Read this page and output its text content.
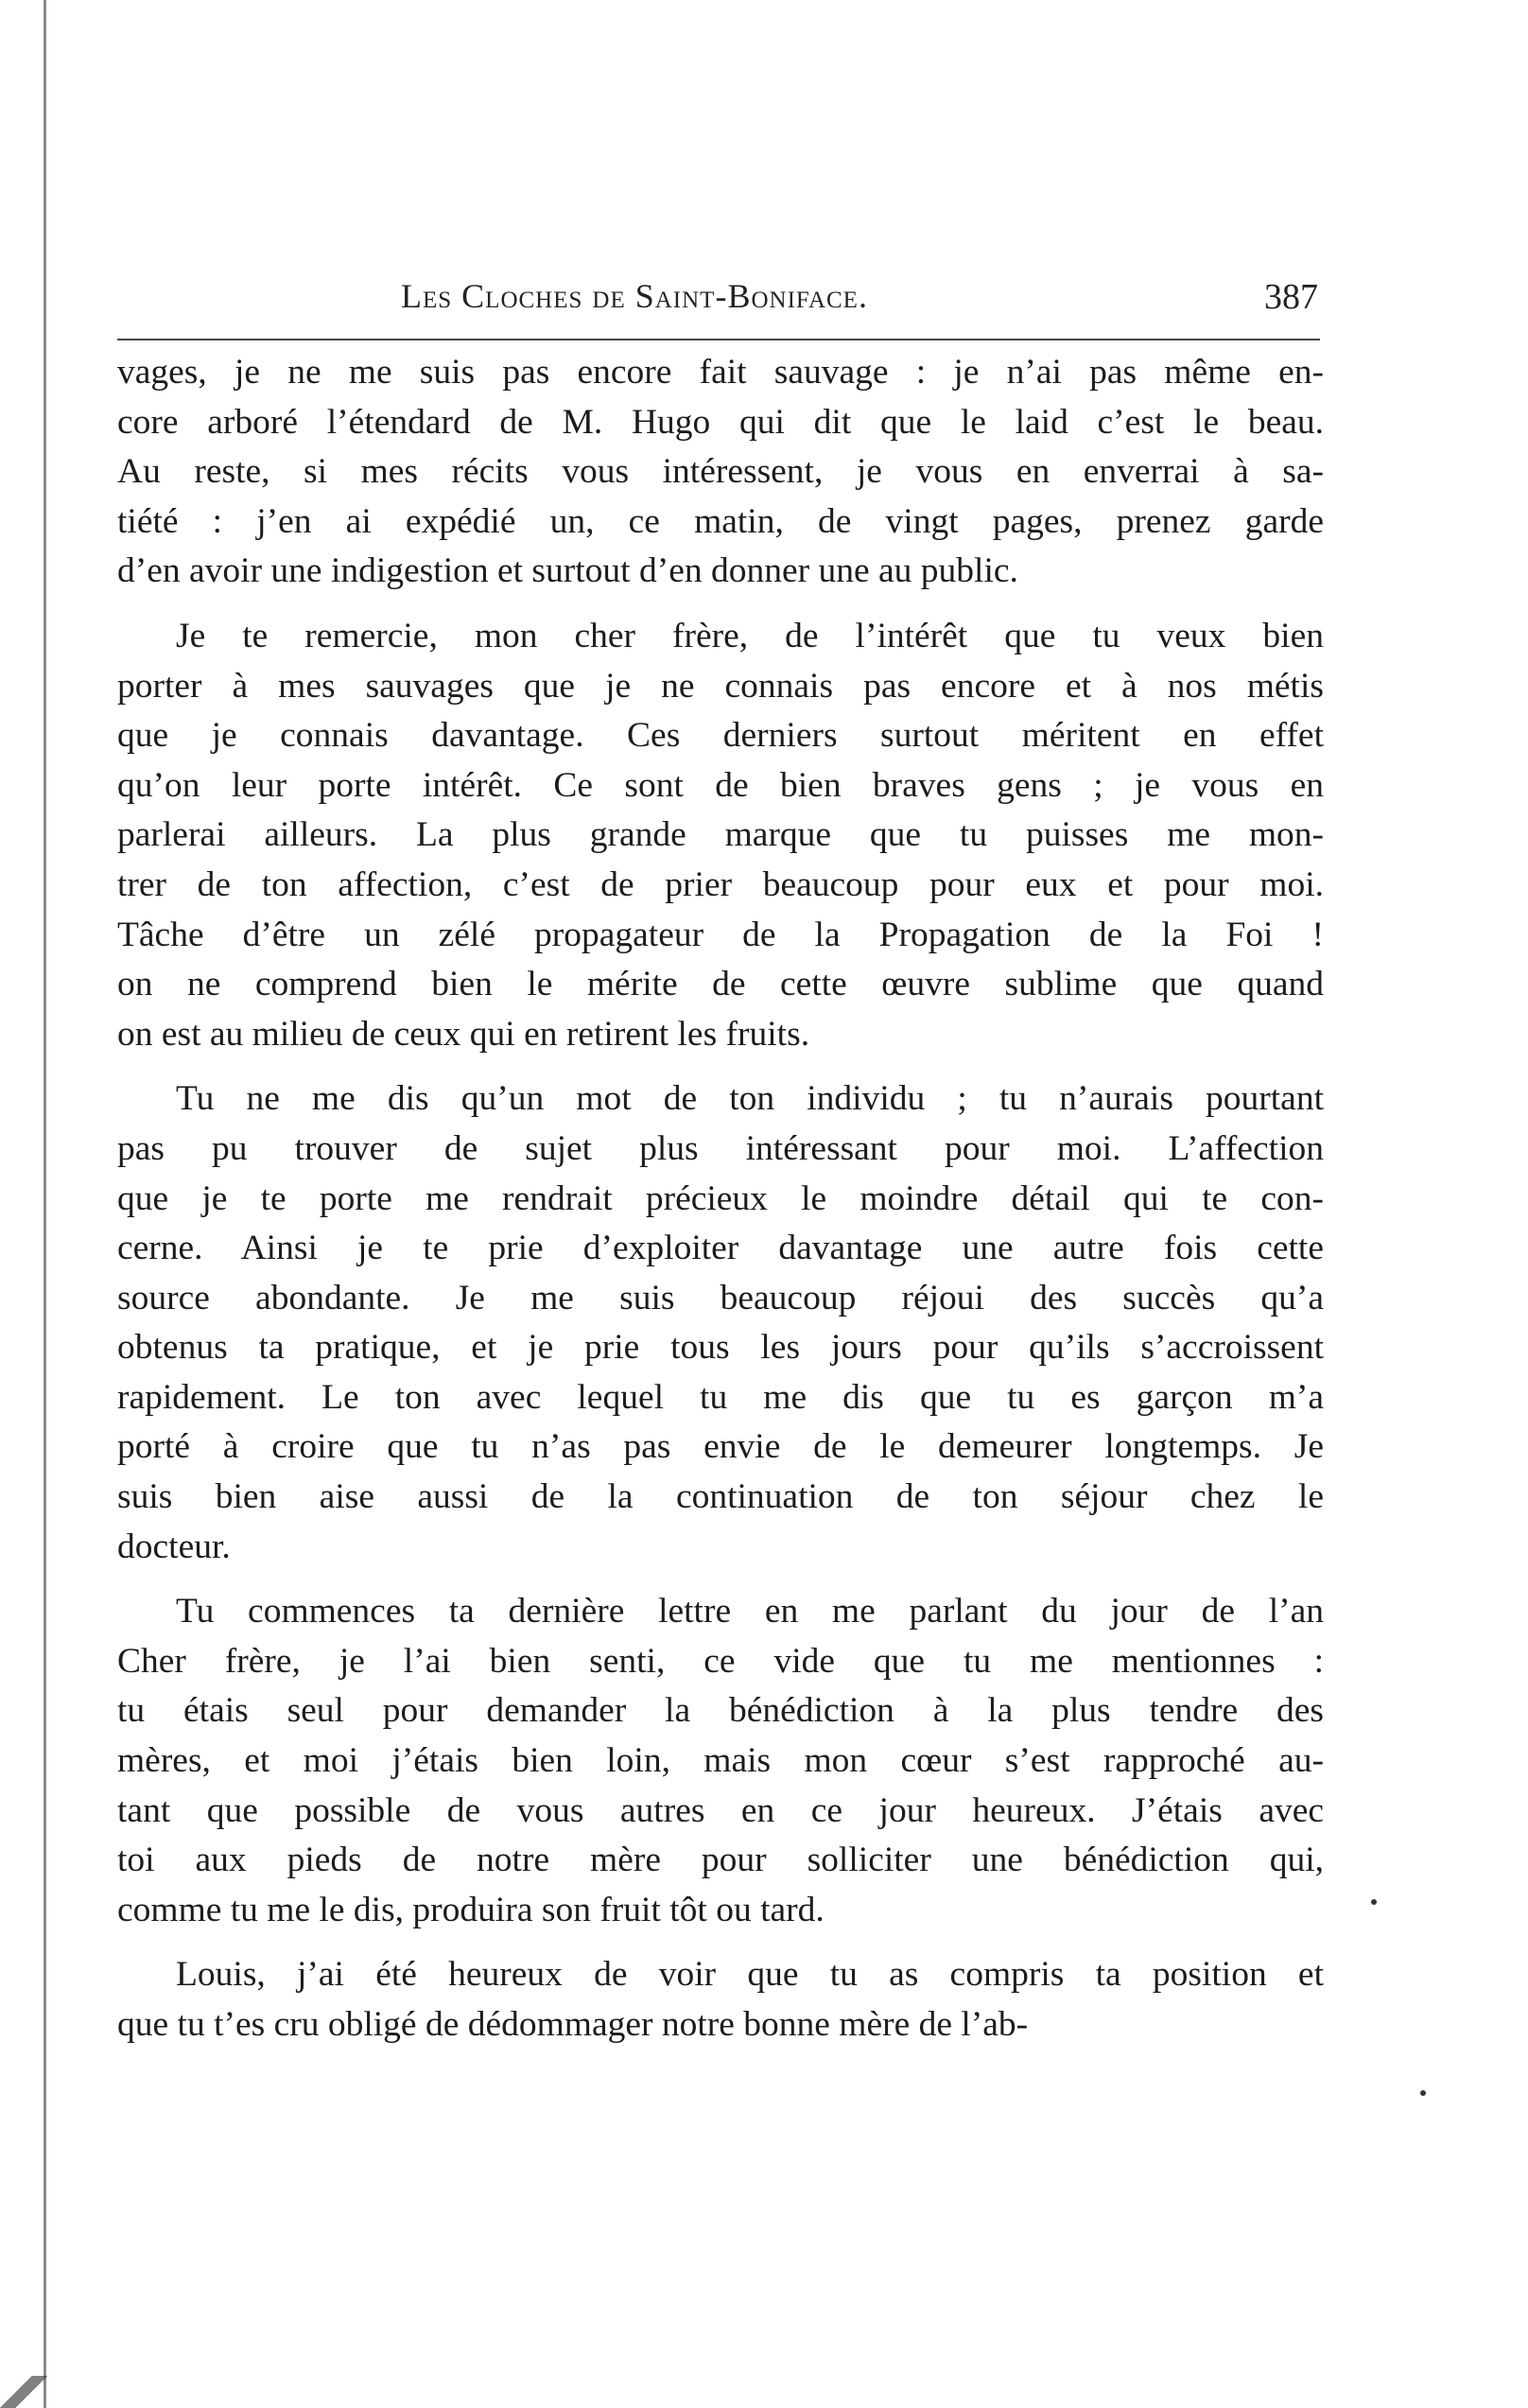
Les Cloches de Saint-Boniface.	387
vages, je ne me suis pas encore fait sauvage : je n’ai pas même en-
core arboré l’étendard de M. Hugo qui dit que le laid c’est le beau.
Au reste, si mes récits vous intéressent, je vous en enverrai à sa-
tiété : j’en ai expédié un, ce matin, de vingt pages, prenez garde
d’en avoir une indigestion et surtout d’en donner une au public.
Je te remercie, mon cher frère, de l’intérêt que tu veux bien
porter à mes sauvages que je ne connais pas encore et à nos métis
que je connais davantage. Ces derniers surtout méritent en effet
qu’on leur porte intérêt. Ce sont de bien braves gens ; je vous en
parlerai ailleurs. La plus grande marque que tu puisses me mon-
trer de ton affection, c’est de prier beaucoup pour eux et pour moi.
Tâche d’être un zélé propagateur de la Propagation de la Foi !
on ne comprend bien le mérite de cette œuvre sublime que quand
on est au milieu de ceux qui en retirent les fruits.
Tu ne me dis qu’un mot de ton individu ; tu n’aurais pourtant
pas pu trouver de sujet plus intéressant pour moi. L’affection
que je te porte me rendrait précieux le moindre détail qui te con-
cerne. Ainsi je te prie d’exploiter davantage une autre fois cette
source abondante. Je me suis beaucoup réjoui des succès qu’a
obtenus ta pratique, et je prie tous les jours pour qu’ils s’accroissent
rapidement. Le ton avec lequel tu me dis que tu es garçon m’a
porté à croire que tu n’as pas envie de le demeurer longtemps. Je
suis bien aise aussi de la continuation de ton séjour chez le
docteur.
Tu commences ta dernière lettre en me parlant du jour de l’an
Cher frère, je l’ai bien senti, ce vide que tu me mentionnes :
tu étais seul pour demander la bénédiction à la plus tendre des
mères, et moi j’étais bien loin, mais mon cœur s’est rapproché au-
tant que possible de vous autres en ce jour heureux. J’étais avec
toi aux pieds de notre mère pour solliciter une bénédiction qui,
comme tu me le dis, produira son fruit tôt ou tard.
Louis, j’ai été heureux de voir que tu as compris ta position et
que tu t’es cru obligé de dédommager notre bonne mère de l’ab-
